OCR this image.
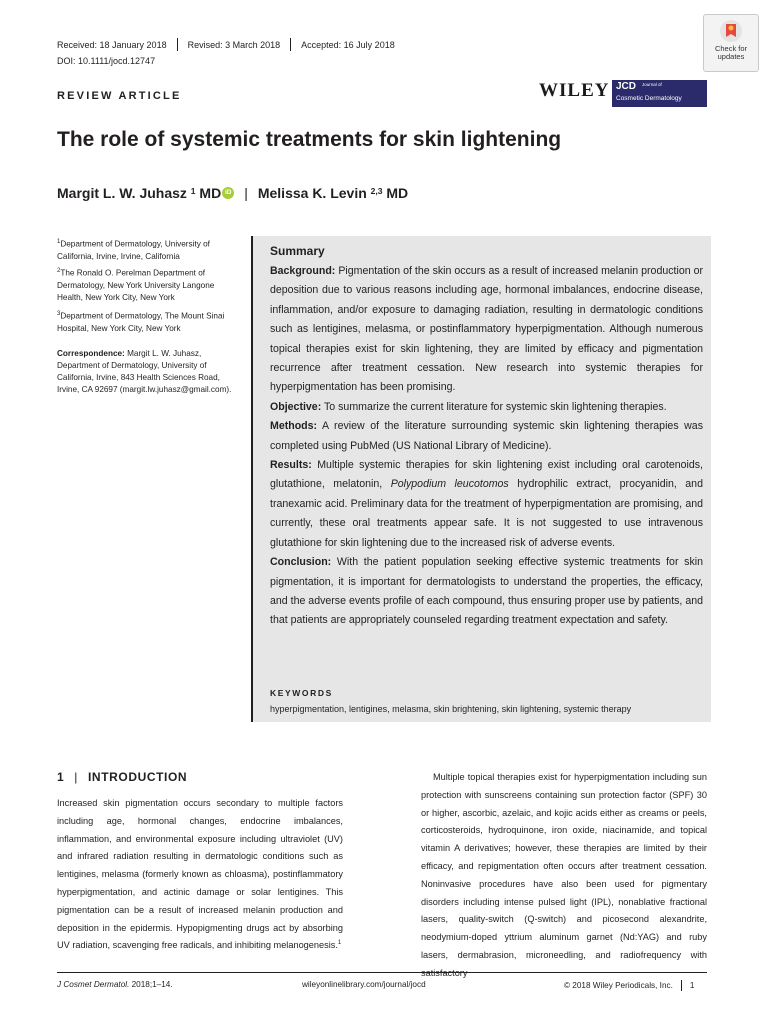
Received: 18 January 2018 Revised: 3 March 2018 Accepted: 16 July 2018
DOI: 10.1111/jocd.12747
REVIEW ARTICLE
Check for updates
WILEY JCD Journal of
Cosmetic Dermatology
The role of systemic treatments for skin lightening
Margit L. W. Juhasz
$^1$
MD iD | Melissa K. Levin
$^{2,3}$
MD
$^1$Department of Dermatology, University of California, Irvine, Irvine, California
$^2$The Ronald O. Perelman Department of Dermatology, New York University Langone Health, New York City, New York
$^3$Department of Dermatology, The Mount Sinai Hospital, New York City, New York
Correspondence: Margit L. W. Juhasz, Department of Dermatology, University of California, Irvine, 843 Health Sciences Road, Irvine, CA 92697 (margit.lw.juhasz@gmail.com).
Summary
Background: Pigmentation of the skin occurs as a result of increased melanin production or deposition due to various reasons including age, hormonal imbalances, endocrine disease, inflammation, and/or exposure to damaging radiation, resulting in dermatologic conditions such as lentigines, melasma, or postinflammatory hyperpigmentation. Although numerous topical therapies exist for skin lightening, they are limited by efficacy and pigmentation recurrence after treatment cessation. New research into systemic therapies for hyperpigmentation has been promising.
Objective: To summarize the current literature for systemic skin lightening therapies.
Methods: A review of the literature surrounding systemic skin lightening therapies was completed using PubMed (US National Library of Medicine).
Results: Multiple systemic therapies for skin lightening exist including oral carotenoids, glutathione, melatonin, Polypodium leucotomos hydrophilic extract, procyanidin, and tranexamic acid. Preliminary data for the treatment of hyperpigmentation are promising, and currently, these oral treatments appear safe. It is not suggested to use intravenous glutathione for skin lightening due to the increased risk of adverse events.
Conclusion: With the patient population seeking effective systemic treatments for skin pigmentation, it is important for dermatologists to understand the properties, the efficacy, and the adverse events profile of each compound, thus ensuring proper use by patients, and that patients are appropriately counseled regarding treatment expectation and safety.
KEYWORDS
hyperpigmentation, lentigines, melasma, skin brightening, skin lightening, systemic therapy
1 | INTRODUCTION
Increased skin pigmentation occurs secondary to multiple factors including age, hormonal changes, endocrine imbalances, inflammation, and environmental exposure including ultraviolet (UV) and infrared radiation resulting in dermatologic conditions such as lentigines, melasma (formerly known as chloasma), postinflammatory hyperpigmentation, and actinic damage or solar lentigines. This pigmentation can be a result of increased melanin production and deposition in the epidermis. Hypopigmenting drugs act by absorbing UV radiation, scavenging free radicals, and inhibiting melanogenesis.$^1$
Multiple topical therapies exist for hyperpigmentation including sun protection with sunscreens containing sun protection factor (SPF) 30 or higher, ascorbic, azelaic, and kojic acids either as creams or peels, corticosteroids, hydroquinone, iron oxide, niacinamide, and topical vitamin A derivatives; however, these therapies are limited by their efficacy, and repigmentation often occurs after treatment cessation. Noninvasive procedures have also been used for pigmentary disorders including intense pulsed light (IPL), nonablative fractional lasers, quality-switch (Q-switch) and picosecond alexandrite, neodymium-doped yttrium aluminum garnet (Nd:YAG) and ruby lasers, dermabrasion, microneedling, and radiofrequency with
J Cosmet Dermatol. 2018;1–14.	wileyonlinelibrary.com/journal/jocd	© 2018 Wiley Periodicals, Inc. 1
